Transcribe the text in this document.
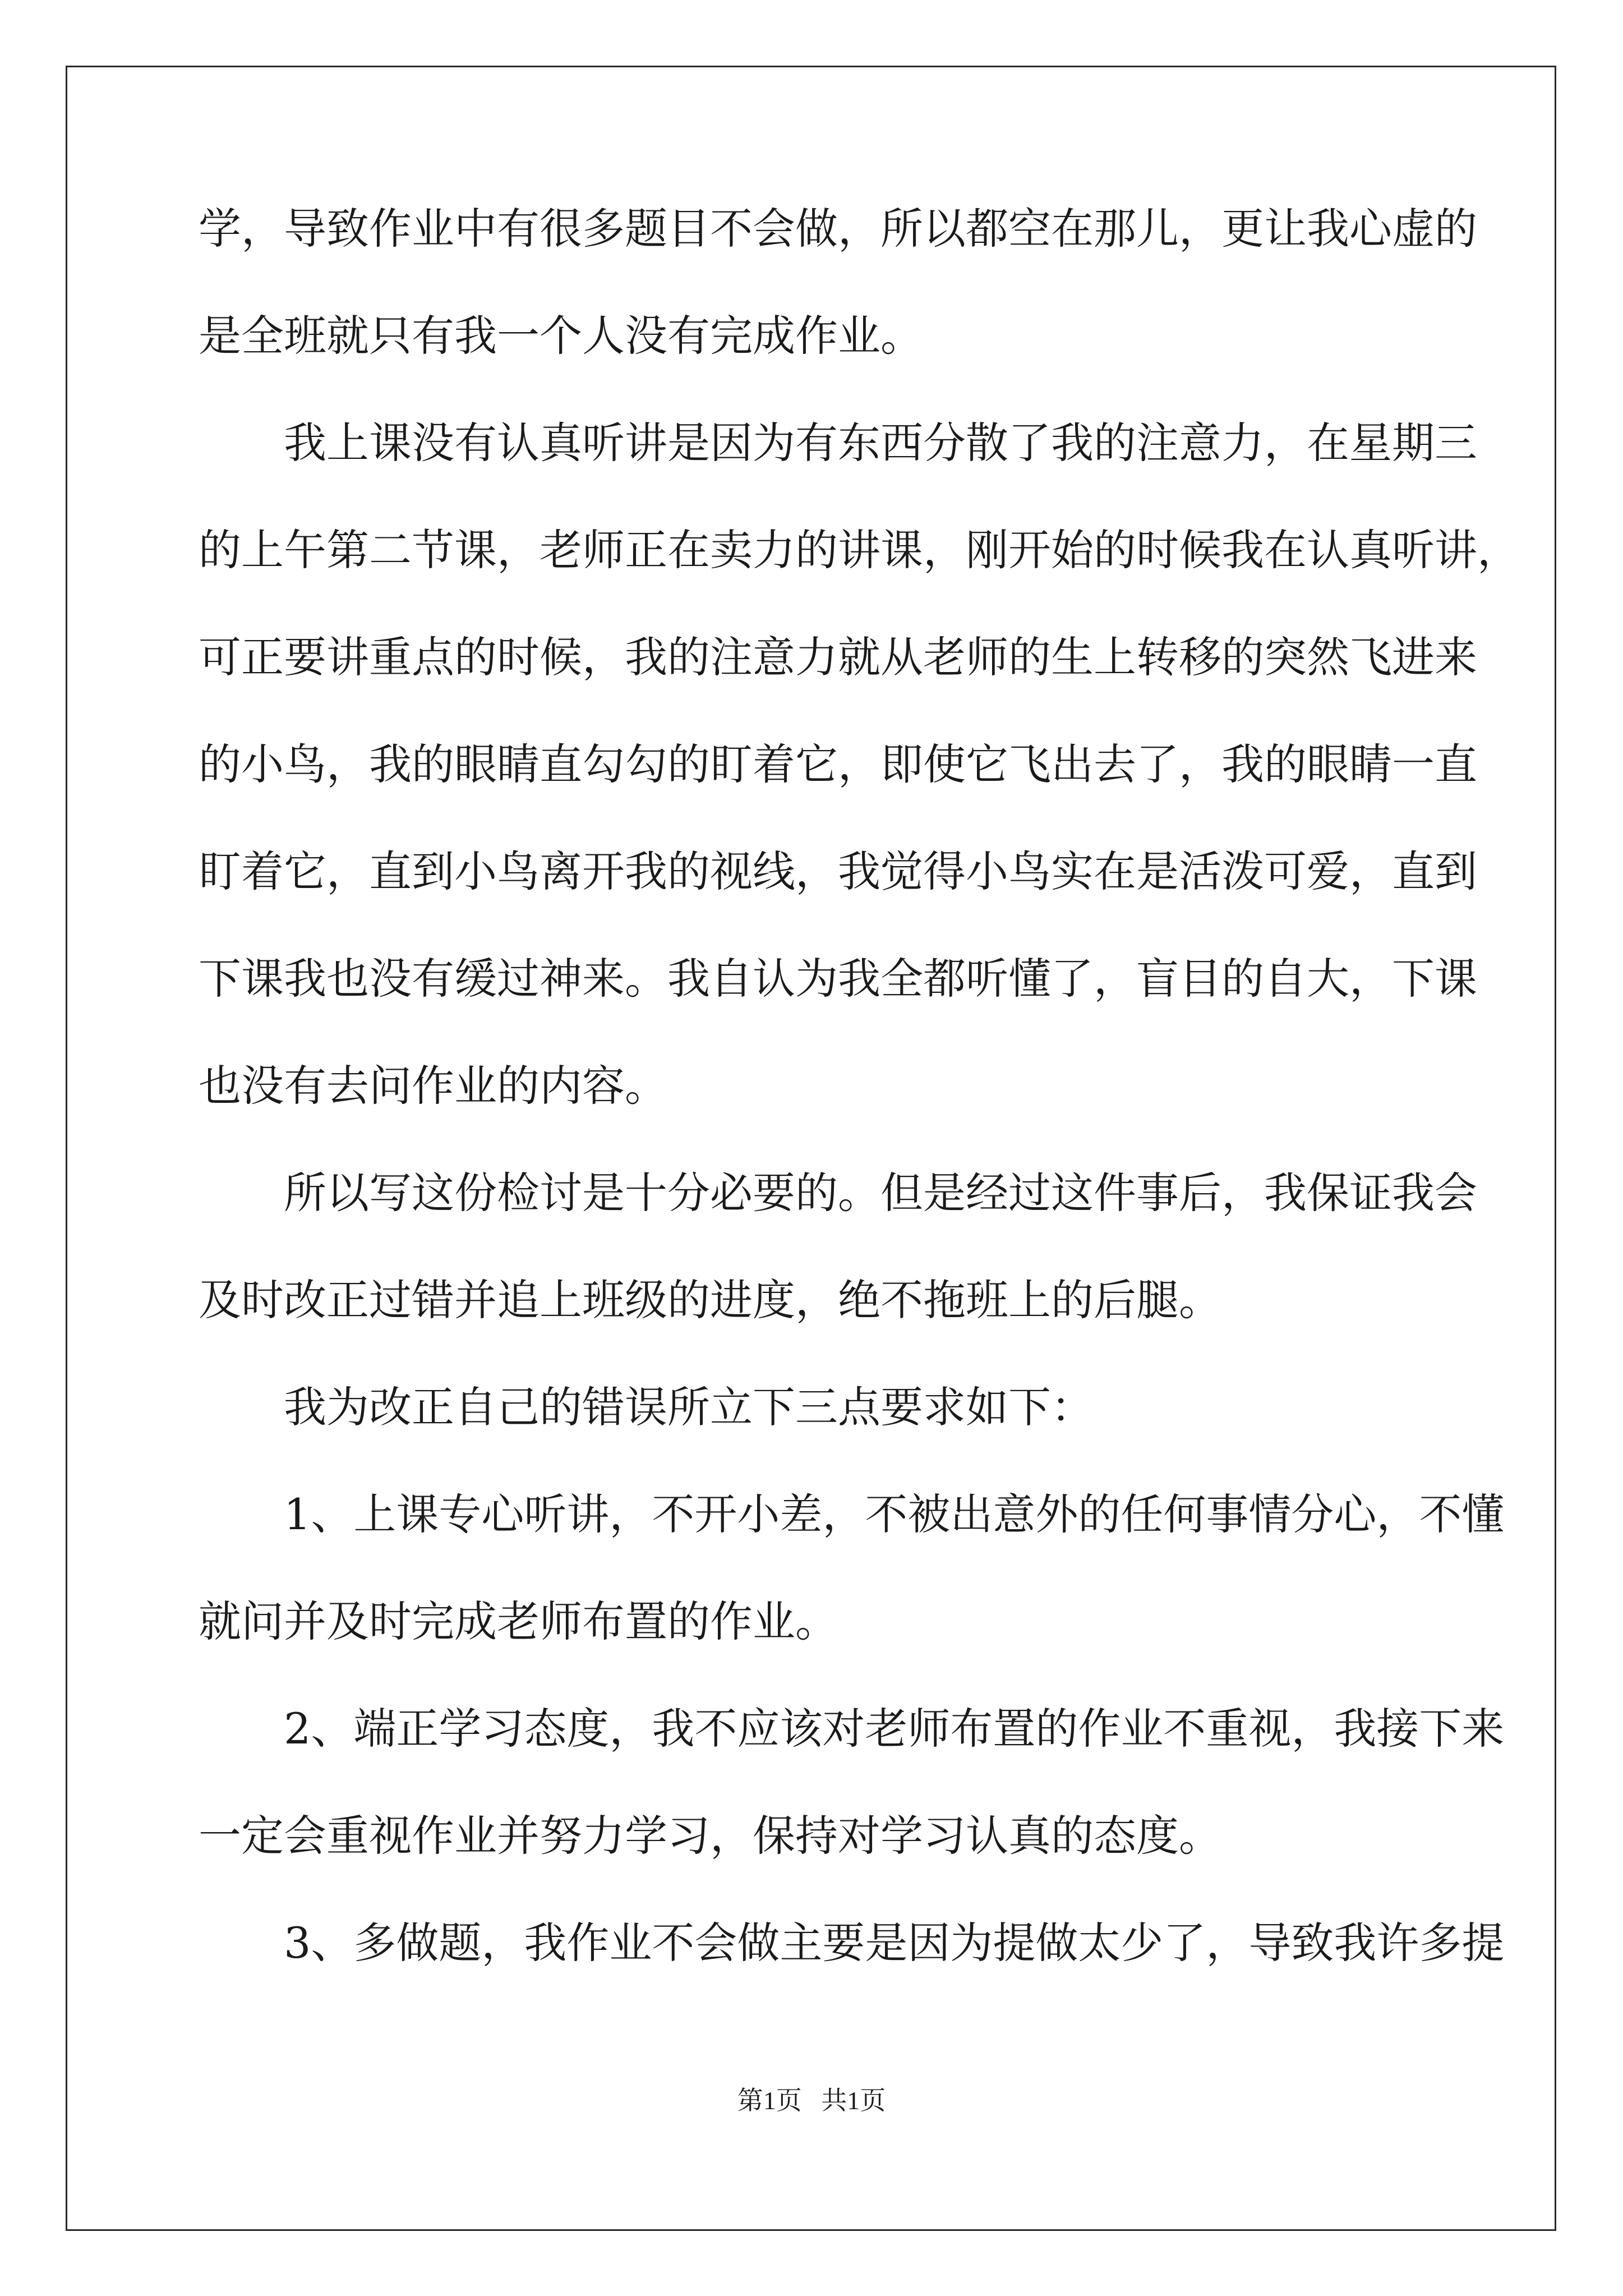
学，导致作业中有很多题目不会做，所以都空在那儿，更让我心虚的
是全班就只有我一个人没有完成作业。
我上课没有认真听讲是因为有东西分散了我的注意力，在星期三
的上午第二节课，老师正在卖力的讲课，刚开始的时候我在认真听讲，
可正要讲重点的时候，我的注意力就从老师的生上转移的突然飞进来
的小鸟，我的眼睛直勾勾的盯着它，即使它飞出去了，我的眼睛一直
盯着它，直到小鸟离开我的视线，我觉得小鸟实在是活泼可爱，直到
下课我也没有缓过神来。我自认为我全都听懂了，盲目的自大，下课
也没有去问作业的内容。
所以写这份检讨是十分必要的。但是经过这件事后，我保证我会
及时改正过错并追上班级的进度，绝不拖班上的后腿。
我为改正自己的错误所立下三点要求如下：
1、上课专心听讲，不开小差，不被出意外的任何事情分心，不懂
就问并及时完成老师布置的作业。
2、端正学习态度，我不应该对老师布置的作业不重视，我接下来
一定会重视作业并努力学习，保持对学习认真的态度。
3、多做题，我作业不会做主要是因为提做太少了，导致我许多提
第1页   共1页
